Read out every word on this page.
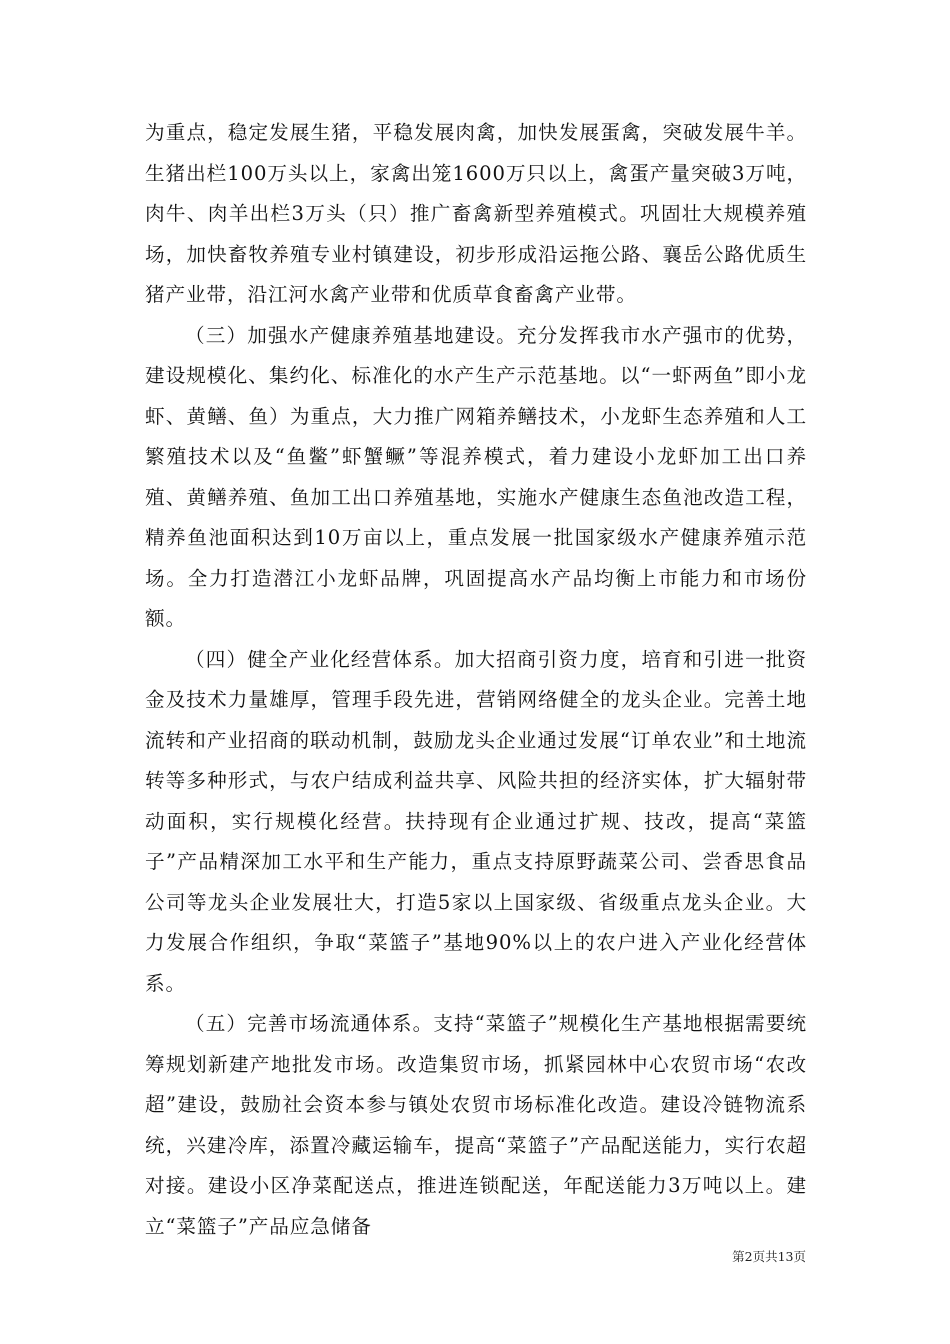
为重点，稳定发展生猪，平稳发展肉禽，加快发展蛋禽，突破发展牛羊。生猪出栏100万头以上，家禽出笼1600万只以上，禽蛋产量突破3万吨，肉牛、肉羊出栏3万头（只）推广畜禽新型养殖模式。巩固壮大规模养殖场，加快畜牧养殖专业村镇建设，初步形成沿运拖公路、襄岳公路优质生猪产业带，沿江河水禽产业带和优质草食畜禽产业带。

（三）加强水产健康养殖基地建设。充分发挥我市水产强市的优势，建设规模化、集约化、标准化的水产生产示范基地。以“一虾两鱼”即小龙虾、黄鳝、鱼）为重点，大力推广网箱养鳝技术，小龙虾生态养殖和人工繁殖技术以及“鱼鳖”虾蟹鳜”等混养模式，着力建设小龙虾加工出口养殖、黄鳝养殖、鱼加工出口养殖基地，实施水产健康生态鱼池改造工程，精养鱼池面积达到10万亩以上，重点发展一批国家级水产健康养殖示范场。全力打造潜江小龙虾品牌，巩固提高水产品均衡上市能力和市场份额。

（四）健全产业化经营体系。加大招商引资力度，培育和引进一批资金及技术力量雄厚，管理手段先进，营销网络健全的龙头企业。完善土地流转和产业招商的联动机制，鼓励龙头企业通过发展“订单农业”和土地流转等多种形式，与农户结成利益共享、风险共担的经济实体，扩大辐射带动面积，实行规模化经营。扶持现有企业通过扩规、技改，提高“菜篮子”产品精深加工水平和生产能力，重点支持原野蔬菜公司、尝香思食品公司等龙头企业发展壮大，打造5家以上国家级、省级重点龙头企业。大力发展合作组织，争取“菜篮子”基地90%以上的农户进入产业化经营体系。

（五）完善市场流通体系。支持“菜篮子”规模化生产基地根据需要统筹规划新建产地批发市场。改造集贸市场，抓紧园林中心农贸市场“农改超”建设，鼓励社会资本参与镇处农贸市场标准化改造。建设冷链物流系统，兴建冷库，添置冷藏运输车，提高“菜篮子”产品配送能力，实行农超对接。建设小区净菜配送点，推进连锁配送，年配送能力3万吨以上。建立“菜篮子”产品应急储备

第2页共13页
